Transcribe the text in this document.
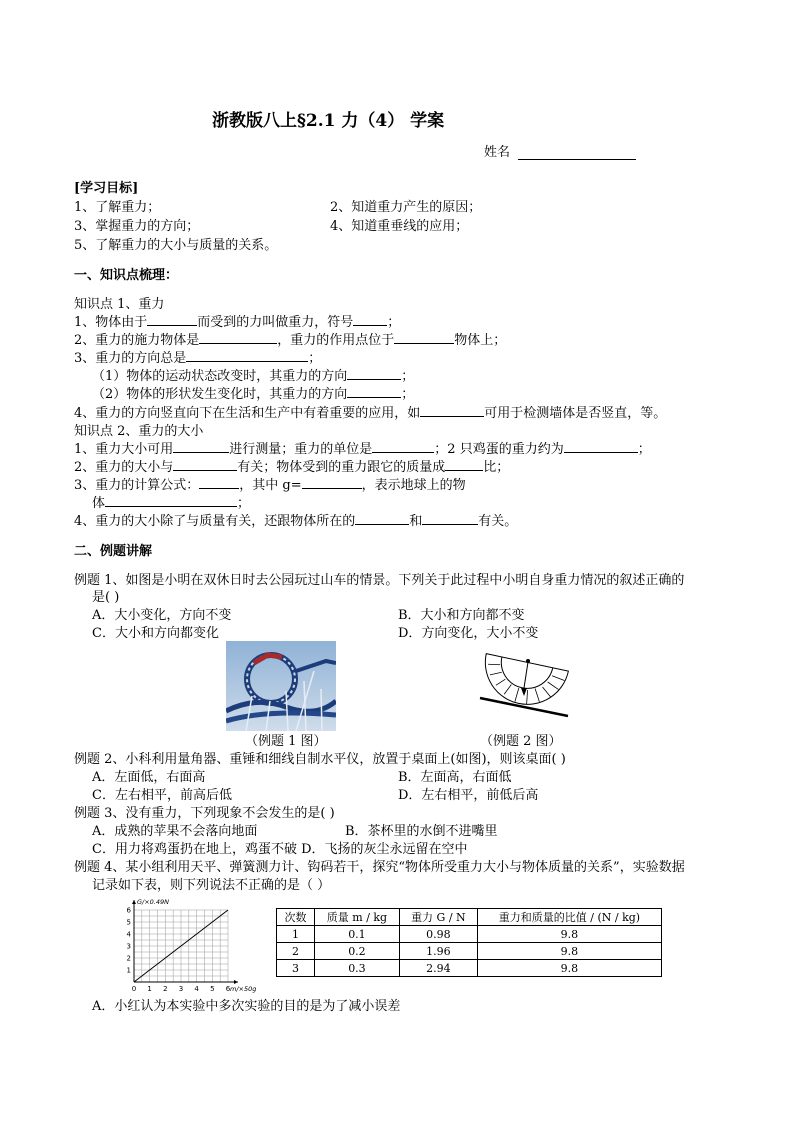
浙教版八上§2.1 力（4） 学案
姓名
[学习目标]
1、了解重力；	2、知道重力产生的原因；
3、掌握重力的方向；	4、知道重垂线的应用；
5、了解重力的大小与质量的关系。
一、知识点梳理：
知识点 1、重力
1、物体由于	而受到的力叫做重力，符号	；
2、重力的施力物体是	，重力的作用点位于	物体上；
3、重力的方向总是	；
（1）物体的运动状态改变时，其重力的方向	；
（2）物体的形状发生变化时，其重力的方向	；
4、重力的方向竖直向下在生活和生产中有着重要的应用，如	可用于检测墙体是否竖直，等。
知识点 2、重力的大小
1、重力大小可用	进行测量；重力的单位是	；2 只鸡蛋的重力约为	；
2、重力的大小与	有关；物体受到的重力跟它的质量成	比；
3、重力的计算公式：	，其中 g=	，表示地球上的物
体	；
4、重力的大小除了与质量有关，还跟物体所在的	和	有关。
二、例题讲解
例题 1、如图是小明在双休日时去公园玩过山车的情景。下列关于此过程中小明自身重力情况的叙述正确的
是( )
A．大小变化，方向不变	B．大小和方向都不变
C．大小和方向都变化	D．方向变化，大小不变
（例题 1 图）	（例题 2 图）
例题 2、小科利用量角器、重锤和细线自制水平仪，放置于桌面上(如图)，则该桌面( )
A．左面低，右面高	B．左面高，右面低
C．左右相平，前高后低	D．左右相平，前低后高
例题 3、没有重力，下列现象不会发生的是( )
A．成熟的苹果不会落向地面	B．茶杯里的水倒不进嘴里
C．用力将鸡蛋扔在地上，鸡蛋不破 D．飞扬的灰尘永远留在空中
例题 4、某小组利用天平、弹簧测力计、钩码若干，探究“物体所受重力大小与物体质量的关系”，实验数据
记录如下表，则下列说法不正确的是（ ）
0 1 2 3 4 5 6
1
2
3
4
5
6
m/×50g
G/×0.49N
次数	质量 m / kg	重力 G / N	重力和质量的比值 / (N / kg)
1	0.1	0.98	9.8
2	0.2	1.96	9.8
3	0.3	2.94	9.8
A．小红认为本实验中多次实验的目的是为了减小误差
